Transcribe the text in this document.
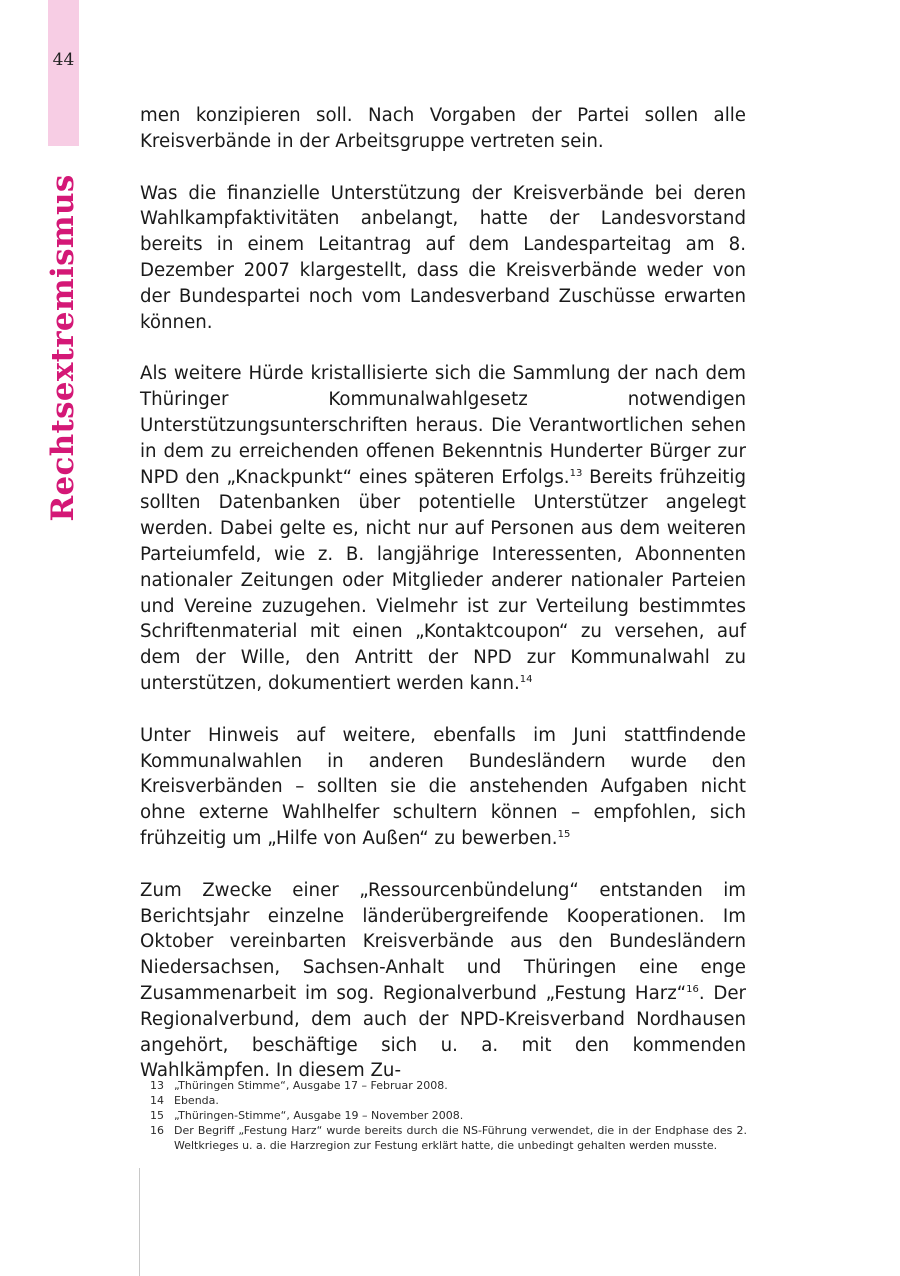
44
Rechtsextremismus

men konzipieren soll. Nach Vorgaben der Partei sollen alle Kreisverbände in der Arbeitsgruppe vertreten sein.

Was die finanzielle Unterstützung der Kreisverbände bei deren Wahlkampfaktivitäten anbelangt, hatte der Landesvorstand bereits in einem Leitantrag auf dem Landesparteitag am 8. Dezember 2007 klargestellt, dass die Kreisverbände weder von der Bundespartei noch vom Landesverband Zuschüsse erwarten können.

Als weitere Hürde kristallisierte sich die Sammlung der nach dem Thüringer Kommunalwahlgesetz notwendigen Unterstützungsunterschriften heraus. Die Verantwortlichen sehen in dem zu erreichenden offenen Bekenntnis Hunderter Bürger zur NPD den „Knackpunkt“ eines späteren Erfolgs.$^{13}$ Bereits frühzeitig sollten Datenbanken über potentielle Unterstützer angelegt werden. Dabei gelte es, nicht nur auf Personen aus dem weiteren Parteiumfeld, wie z. B. langjährige Interessenten, Abonnenten nationaler Zeitungen oder Mitglieder anderer nationaler Parteien und Vereine zuzugehen. Vielmehr ist zur Verteilung bestimmtes Schriftenmaterial mit einen „Kontaktcoupon“ zu versehen, auf dem der Wille, den Antritt der NPD zur Kommunalwahl zu unterstützen, dokumentiert werden kann.$^{14}$

Unter Hinweis auf weitere, ebenfalls im Juni stattfindende Kommunalwahlen in anderen Bundesländern wurde den Kreisverbänden – sollten sie die anstehenden Aufgaben nicht ohne externe Wahlhelfer schultern können – empfohlen, sich frühzeitig um „Hilfe von Außen“ zu bewerben.$^{15}$

Zum Zwecke einer „Ressourcenbündelung“ entstanden im Berichtsjahr einzelne länderübergreifende Kooperationen. Im Oktober vereinbarten Kreisverbände aus den Bundesländern Niedersachsen, Sachsen-Anhalt und Thüringen eine enge Zusammenarbeit im sog. Regionalverbund „Festung Harz“$^{16}$. Der Regionalverbund, dem auch der NPD-Kreisverband Nordhausen angehört, beschäftige sich u. a. mit den kommenden Wahlkämpfen. In diesem Zu-

13 „Thüringen Stimme“, Ausgabe 17 – Februar 2008.
14 Ebenda.
15 „Thüringen-Stimme“, Ausgabe 19 – November 2008.
16 Der Begriff „Festung Harz“ wurde bereits durch die NS-Führung verwendet, die in der Endphase des 2. Weltkrieges u. a. die Harzregion zur Festung erklärt hatte, die unbedingt gehalten werden musste.
